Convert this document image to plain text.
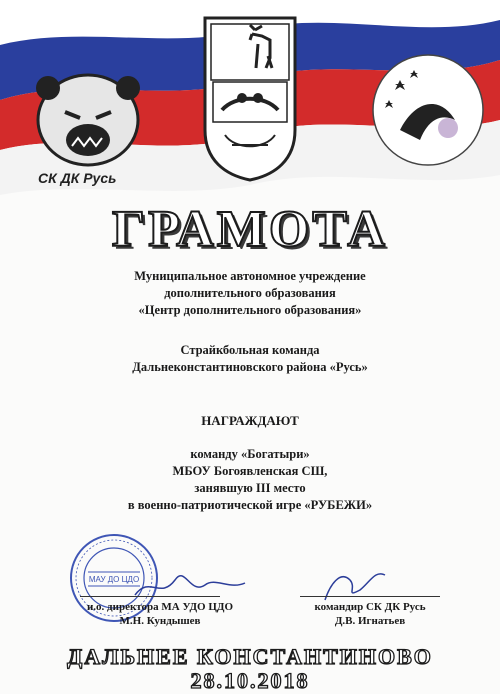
СК ДК Русь
ГРАМОТА
Муниципальное автономное учреждение
дополнительного образования
«Центр дополнительного образования»
Страйкбольная команда
Дальнеконстантиновского района «Русь»
НАГРАЖДАЮТ
команду «Богатыри»
МБОУ Богоявленская СШ,
занявшую III место
в военно-патриотической игре «РУБЕЖИ»
МАУ ДО ЦДО
и.о. директора МА УДО ЦДО
М.Н. Кундышев
командир СК ДК Русь
Д.В. Игнатьев
ДАЛЬНЕЕ КОНСТАНТИНОВО
28.10.2018
